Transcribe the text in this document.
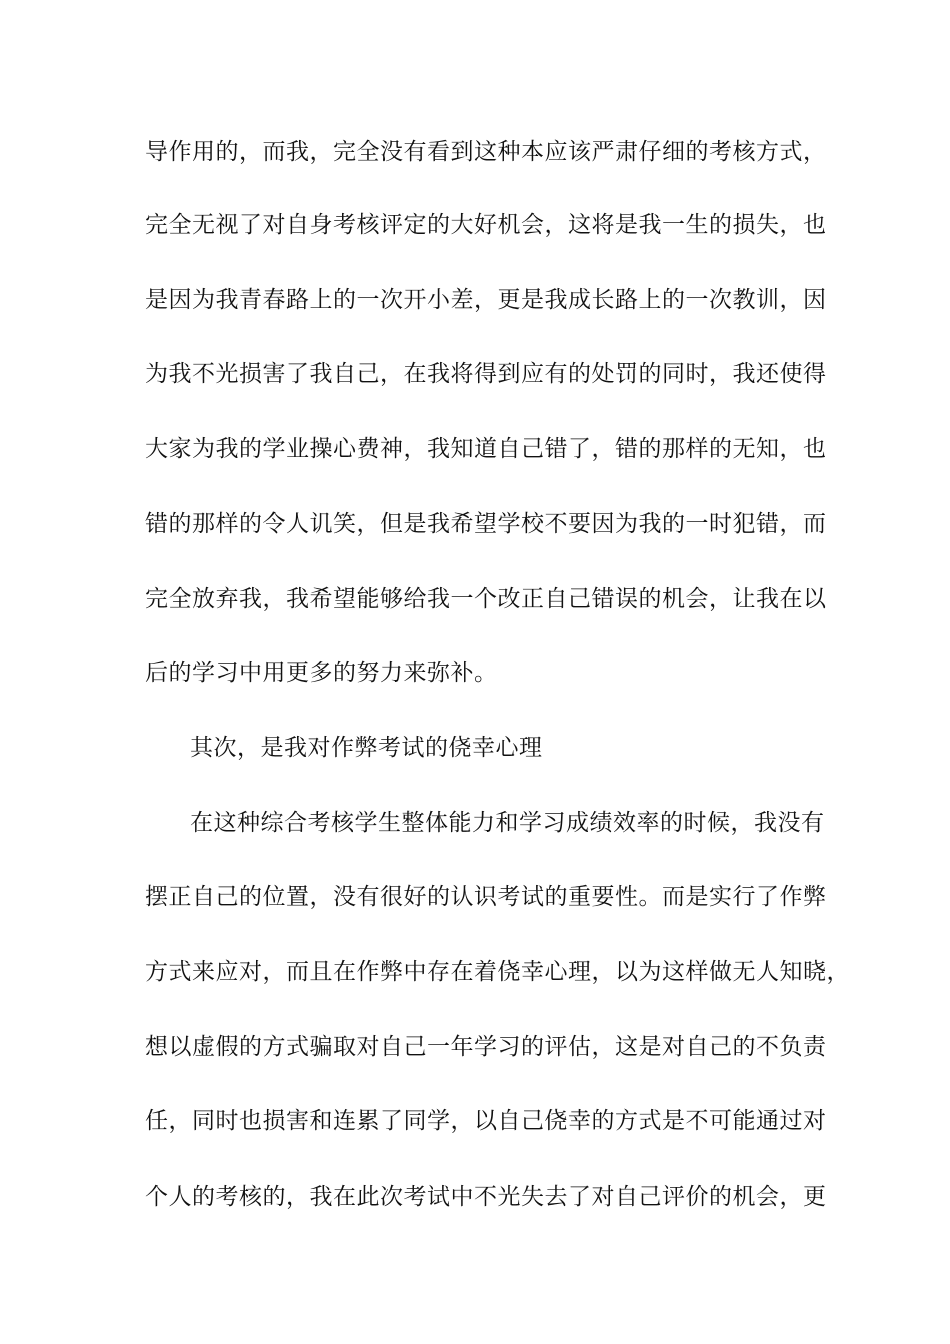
导作用的，而我，完全没有看到这种本应该严肃仔细的考核方式，
完全无视了对自身考核评定的大好机会，这将是我一生的损失，也
是因为我青春路上的一次开小差，更是我成长路上的一次教训，因
为我不光损害了我自己，在我将得到应有的处罚的同时，我还使得
大家为我的学业操心费神，我知道自己错了，错的那样的无知，也
错的那样的令人讥笑，但是我希望学校不要因为我的一时犯错，而
完全放弃我，我希望能够给我一个改正自己错误的机会，让我在以
后的学习中用更多的努力来弥补。
其次，是我对作弊考试的侥幸心理
在这种综合考核学生整体能力和学习成绩效率的时候，我没有
摆正自己的位置，没有很好的认识考试的重要性。而是实行了作弊
方式来应对，而且在作弊中存在着侥幸心理，以为这样做无人知晓，
想以虚假的方式骗取对自己一年学习的评估，这是对自己的不负责
任，同时也损害和连累了同学，以自己侥幸的方式是不可能通过对
个人的考核的，我在此次考试中不光失去了对自己评价的机会，更
